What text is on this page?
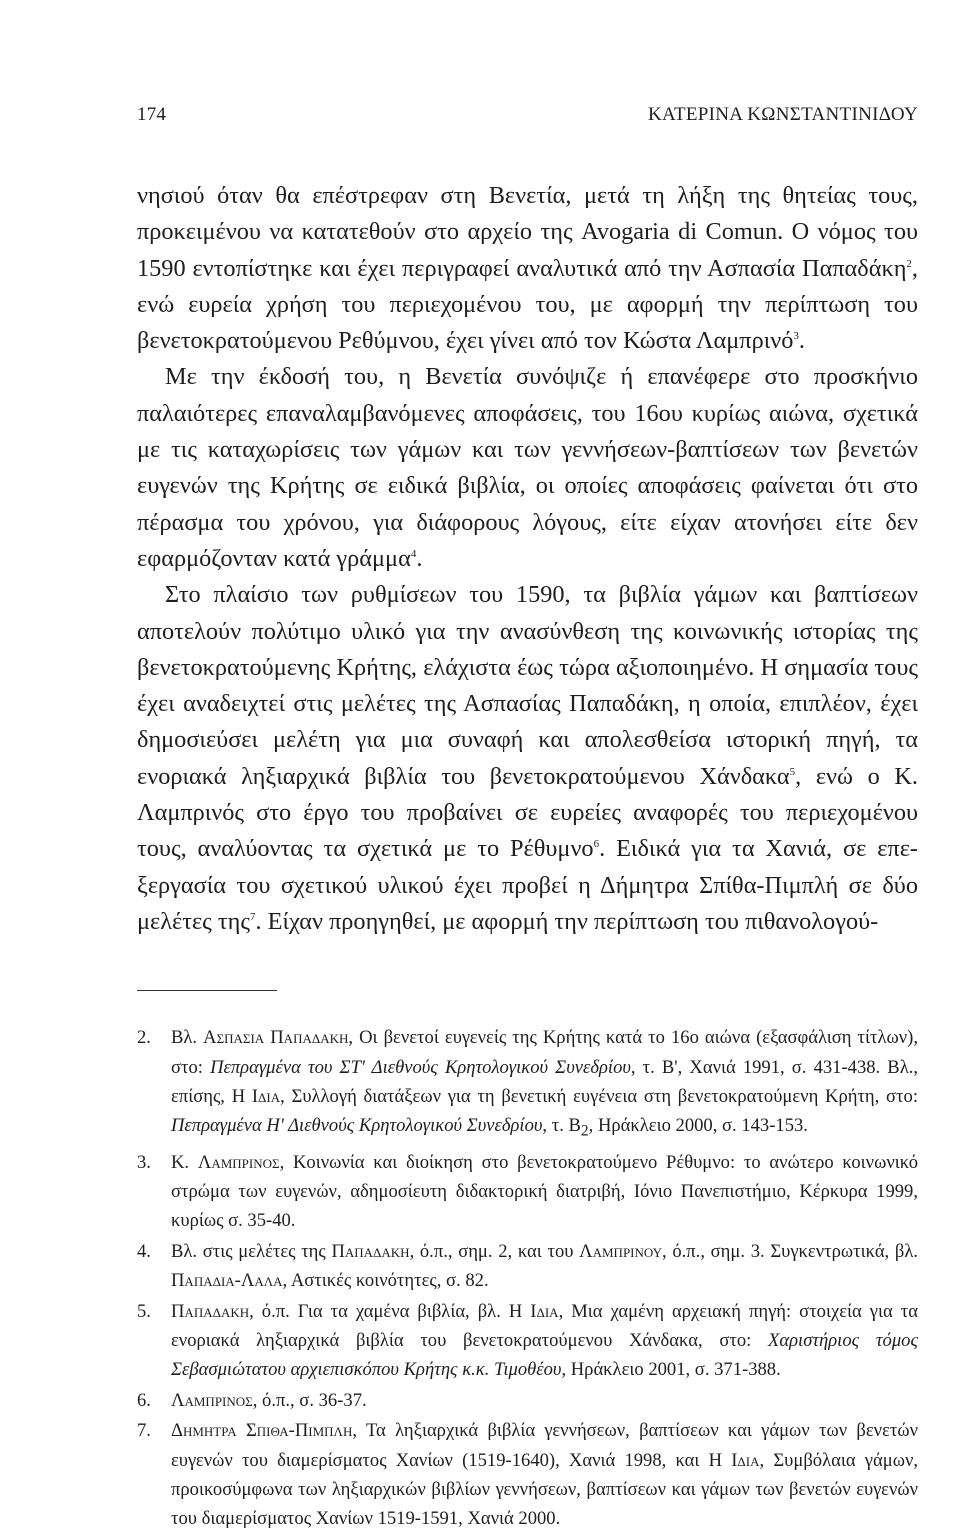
174	ΚΑΤΕΡΙΝΑ ΚΩΝΣΤΑΝΤΙΝΙΔΟΥ

νησιού όταν θα επέστρεφαν στη Βενετία, μετά τη λήξη της θητείας τους, προκειμένου να κατατεθούν στο αρχείο της Avogaria di Comun. Ο νόμος του 1590 εντοπίστηκε και έχει περιγραφεί αναλυτικά από την Ασπασία Παπαδάκη$^2$, ενώ ευρεία χρήση του περιεχομένου του, με αφορμή την περίπτωση του βενετοκρατούμενου Ρεθύμνου, έχει γίνει από τον Κώστα Λαμπρινό$^3$.

Με την έκδοσή του, η Βενετία συνόψιζε ή επανέφερε στο προσκήνιο παλαιότερες επαναλαμβανόμενες αποφάσεις, του 16ου κυρίως αιώνα, σχετικά με τις καταχωρίσεις των γάμων και των γεννήσεων-βαπτίσεων των βενετών ευγενών της Κρήτης σε ειδικά βιβλία, οι οποίες αποφάσεις φαίνεται ότι στο πέρασμα του χρόνου, για διάφορους λόγους, είτε είχαν ατονήσει είτε δεν εφαρμόζονταν κατά γράμμα$^4$.

Στο πλαίσιο των ρυθμίσεων του 1590, τα βιβλία γάμων και βαπτίσεων αποτελούν πολύτιμο υλικό για την ανασύνθεση της κοινωνικής ιστορίας της βενετοκρατούμενης Κρήτης, ελάχιστα έως τώρα αξιοποιημένο. Η σημασία τους έχει αναδειχτεί στις μελέτες της Ασπασίας Παπαδάκη, η οποία, επιπλέον, έχει δημοσιεύσει μελέτη για μια συναφή και απολεσθείσα ιστορική πηγή, τα ενοριακά ληξιαρχικά βιβλία του βενετοκρατούμενου Χάνδακα$^5$, ενώ ο Κ. Λαμπρινός στο έργο του προβαίνει σε ευρείες αναφορές του περιεχομένου τους, αναλύοντας τα σχετικά με το Ρέθυμνο$^6$. Ειδικά για τα Χανιά, σε επεξεργασία του σχετικού υλικού έχει προβεί η Δήμητρα Σπίθα-Πιμπλή σε δύο μελέτες της$^7$. Είχαν προηγηθεί, με αφορμή την περίπτωση του πιθανολογού-

2.	Βλ. Ασπασια Παπαδακη, Οι βενετοί ευγενείς της Κρήτης κατά το 16ο αιώνα (εξασφάλιση τίτλων), στο: Πεπραγμένα του ΣΤ' Διεθνούς Κρητολογικού Συνεδρίου, τ. Β', Χανιά 1991, σ. 431-438. Βλ., επίσης, Η Ιδια, Συλλογή διατάξεων για τη βενετική ευγένεια στη βενετοκρατούμενη Κρήτη, στο: Πεπραγμένα Η' Διεθνούς Κρητολογικού Συνεδρίου, τ. $B_2$, Ηράκλειο 2000, σ. 143-153.
3.	Κ. Λαμπρινος, Κοινωνία και διοίκηση στο βενετοκρατούμενο Ρέθυμνο: το ανώτερο κοινωνικό στρώμα των ευγενών, αδημοσίευτη διδακτορική διατριβή, Ιόνιο Πανεπιστήμιο, Κέρκυρα 1999, κυρίως σ. 35-40.
4.	Βλ. στις μελέτες της Παπαδακη, ό.π., σημ. 2, και του Λαμπρινου, ό.π., σημ. 3. Συγκεντρωτικά, βλ. Παπαδια-Λαλα, Αστικές κοινότητες, σ. 82.
5.	Παπαδακη, ό.π. Για τα χαμένα βιβλία, βλ. Η Ιδια, Μια χαμένη αρχειακή πηγή: στοιχεία για τα ενοριακά ληξιαρχικά βιβλία του βενετοκρατούμενου Χάνδακα, στο: Χαριστήριος τόμος Σεβασμιώτατου αρχιεπισκόπου Κρήτης κ.κ. Τιμοθέου, Ηράκλειο 2001, σ. 371-388.
6.	Λαμπρινος, ό.π., σ. 36-37.
7.	Δημητρα Σπιθα-Πιμπλη, Τα ληξιαρχικά βιβλία γεννήσεων, βαπτίσεων και γάμων των βενετών ευγενών του διαμερίσματος Χανίων (1519-1640), Χανιά 1998, και Η Ιδια, Συμβόλαια γάμων, προικοσύμφωνα των ληξιαρχικών βιβλίων γεννήσεων, βαπτίσεων και γάμων των βενετών ευγενών του διαμερίσματος Χανίων 1519-1591, Χανιά 2000.
